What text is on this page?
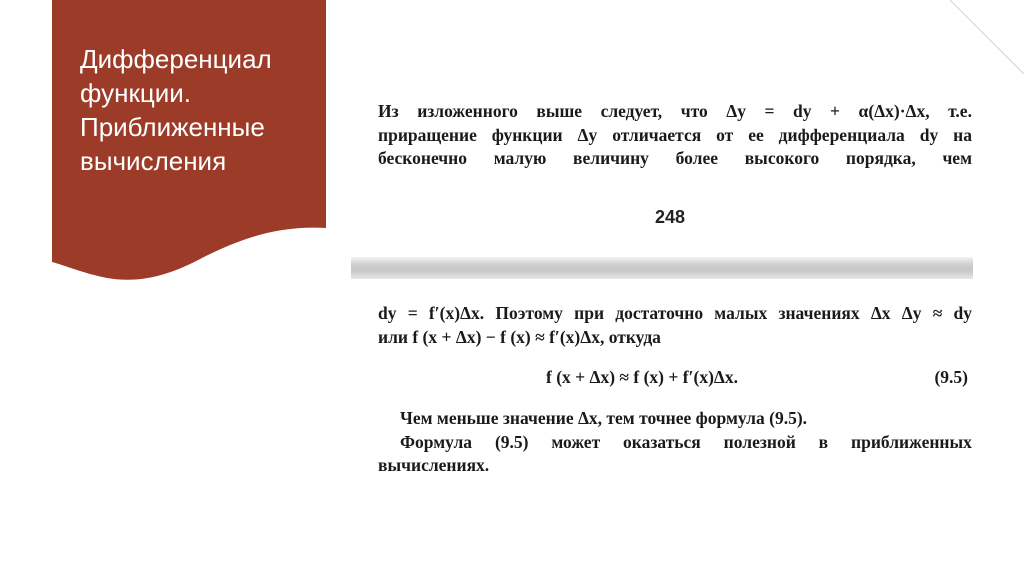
Дифференциал
функции.
Приближенные
вычисления
Из изложенного выше следует, что Δy = dy + α(Δx)·Δx, т.е.
приращение функции Δy отличается от ее дифференциала dy на
бесконечно малую величину более высокого порядка, чем
248
dy = f′(x)Δx. Поэтому при достаточно малых значениях Δx Δy ≈ dy
или f (x + Δx) − f (x) ≈ f′(x)Δx, откуда
f (x + Δx) ≈ f (x) + f′(x)Δx.	(9.5)
Чем меньше значение Δx, тем точнее формула (9.5).
Формула (9.5) может оказаться полезной в приближенных
вычислениях.
